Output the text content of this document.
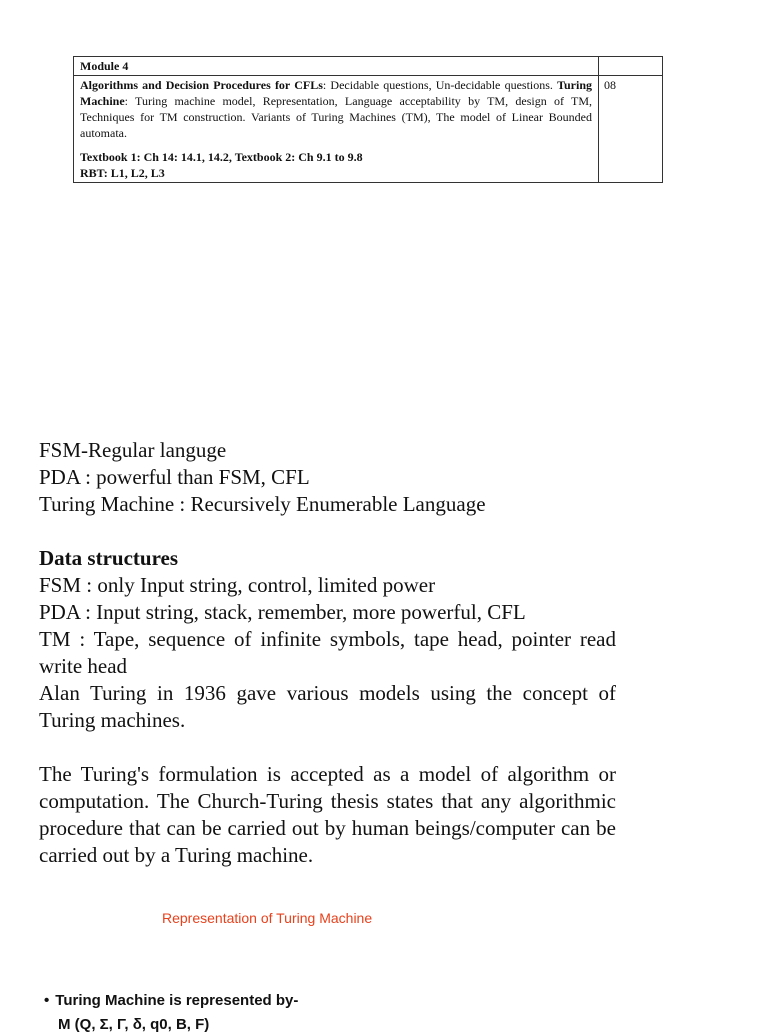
Module 4	

Algorithms and Decision Procedures for CFLs: Decidable questions, Un-decidable questions. Turing Machine: Turing machine model, Representation, Language acceptability by TM, design of TM, Techniques for TM construction. Variants of Turing Machines (TM), The model of Linear Bounded automata.

Textbook 1: Ch 14: 14.1, 14.2, Textbook 2: Ch 9.1 to 9.8

RBT: L1, L2, L3	08
FSM-Regular languge
PDA : powerful than FSM, CFL
Turing Machine : Recursively Enumerable Language
Data structures
FSM : only Input string, control, limited power
PDA : Input string, stack, remember, more powerful, CFL

TM : Tape, sequence of infinite symbols, tape head, pointer read write head

Alan Turing in 1936 gave various models using the concept of Turing machines.

The Turing's formulation is accepted as a model of algorithm or computation. The Church-Turing thesis states that any algorithmic procedure that can be carried out by human beings/computer can be carried out by a Turing machine.

Representation of Turing Machine
• Turing Machine is represented by-
M (Q, Σ, Γ, δ, q0, B, F)
